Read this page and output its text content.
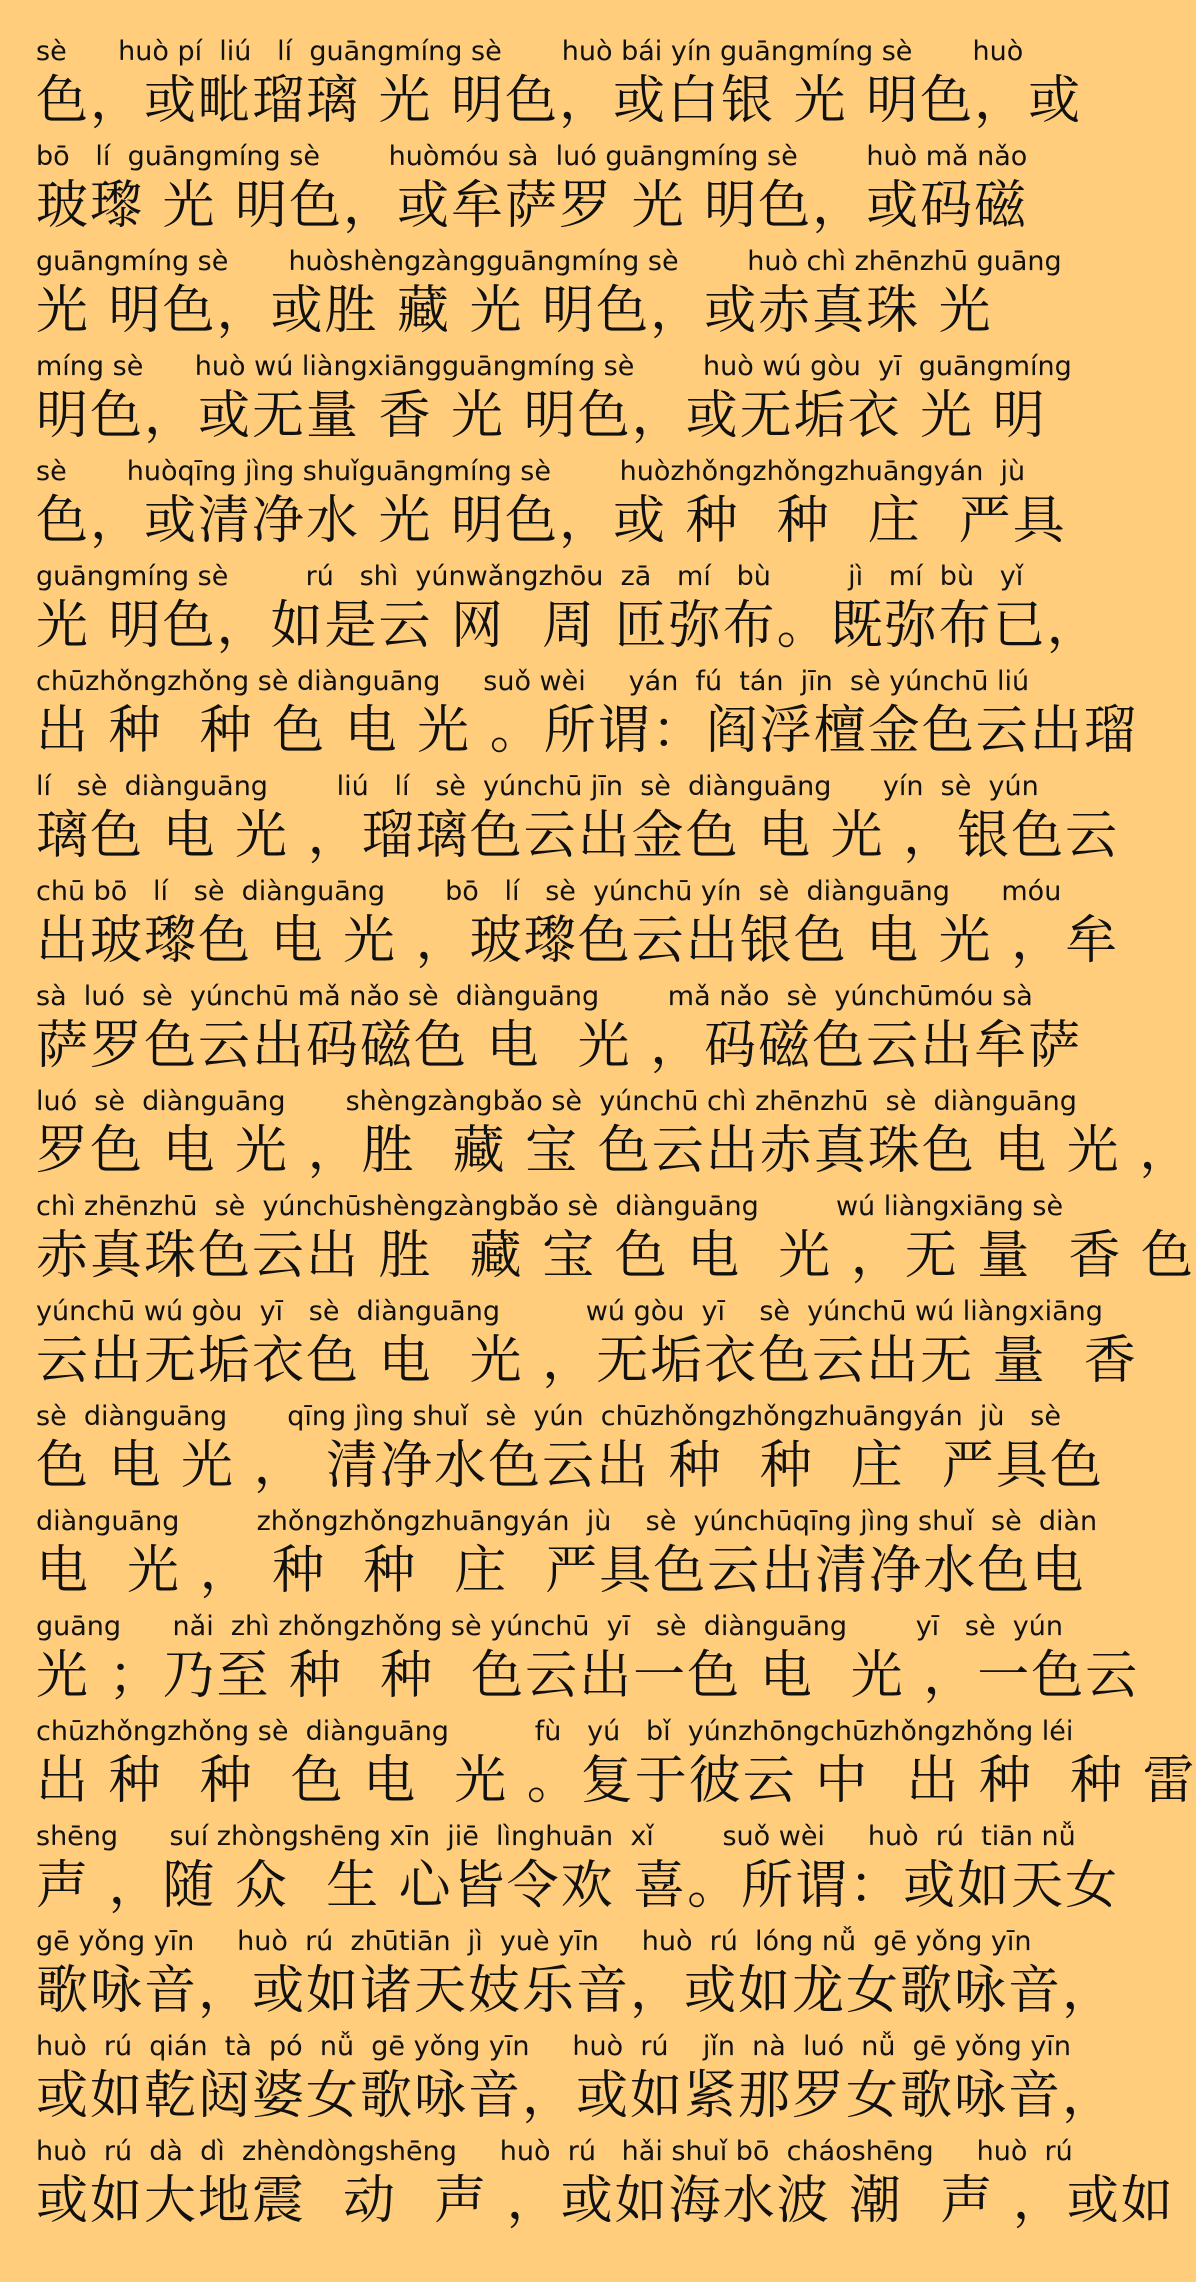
sè      huò pí  liú   lí  guāngmíng sè       huò bái yín guāngmíng sè       huò
色，或毗瑠璃 光 明色，或白银 光 明色，或
bō   lí  guāngmíng sè        huòmóu sà  luó guāngmíng sè        huò mǎ nǎo
玻瓈 光 明色，或牟萨罗 光 明色，或码磁
guāngmíng sè       huòshèngzàngguāngmíng sè        huò chì zhēnzhū guāng
光 明色，或胜 藏 光 明色，或赤真珠 光
míng sè      huò wú liàngxiāngguāngmíng sè        huò wú gòu  yī  guāngmíng
明色，或无量 香 光 明色，或无垢衣 光 明
sè       huòqīng jìng shuǐguāngmíng sè        huòzhǒngzhǒngzhuāngyán  jù
色，或清净水 光 明色，或 种  种  庄  严具
guāngmíng sè         rú   shì  yúnwǎngzhōu  zā   mí   bù         jì   mí  bù   yǐ
光 明色，如是云 网  周 匝弥布。既弥布已，
chūzhǒngzhǒng sè diànguāng     suǒ wèi     yán  fú  tán  jīn  sè yúnchū liú
出 种  种 色 电 光 。所谓：阎浮檀金色云出瑠
lí   sè  diànguāng        liú   lí   sè  yúnchū jīn  sè  diànguāng      yín  sè  yún
璃色 电 光 ，瑠璃色云出金色 电 光 ，银色云
chū bō   lí   sè  diànguāng       bō   lí   sè  yúnchū yín  sè  diànguāng      móu
出玻瓈色 电 光 ，玻瓈色云出银色 电 光 ，牟
sà  luó  sè  yúnchū mǎ nǎo sè  diànguāng        mǎ nǎo  sè  yúnchūmóu sà
萨罗色云出码磁色 电  光 ，码磁色云出牟萨
luó  sè  diànguāng       shèngzàngbǎo sè  yúnchū chì zhēnzhū  sè  diànguāng
罗色 电 光 ，胜  藏 宝 色云出赤真珠色 电 光 ，
chì zhēnzhū  sè  yúnchūshèngzàngbǎo sè  diànguāng         wú liàngxiāng sè
赤真珠色云出 胜  藏 宝 色 电  光 ，无 量  香 色
yúnchū wú gòu  yī   sè  diànguāng          wú gòu  yī    sè  yúnchū wú liàngxiāng
云出无垢衣色 电  光 ，无垢衣色云出无 量  香
sè  diànguāng       qīng jìng shuǐ  sè  yún  chūzhǒngzhǒngzhuāngyán  jù   sè
色 电 光 ， 清净水色云出 种  种  庄  严具色
diànguāng         zhǒngzhǒngzhuāngyán  jù    sè  yúnchūqīng jìng shuǐ  sè  diàn
电  光 ， 种  种  庄  严具色云出清净水色电
guāng      nǎi  zhì zhǒngzhǒng sè yúnchū  yī   sè  diànguāng        yī   sè  yún
光 ；乃至 种  种  色云出一色 电  光 ，一色云
chūzhǒngzhǒng sè  diànguāng          fù   yú   bǐ  yúnzhōngchūzhǒngzhǒng léi
出 种  种  色 电  光 。复于彼云 中  出 种  种 雷
shēng      suí zhòngshēng xīn  jiē  lìnghuān  xǐ        suǒ wèi     huò  rú  tiān nǚ
声 ，随 众  生 心皆令欢 喜。所谓：或如天女
gē yǒng yīn     huò  rú  zhūtiān  jì  yuè yīn     huò  rú  lóng nǚ  gē yǒng yīn
歌咏音，或如诸天妓乐音，或如龙女歌咏音，
huò  rú  qián  tà  pó  nǚ  gē yǒng yīn     huò  rú    jǐn  nà  luó  nǚ  gē yǒng yīn
或如乾闼婆女歌咏音，或如紧那罗女歌咏音，
huò  rú  dà  dì  zhèndòngshēng     huò  rú   hǎi shuǐ bō  cháoshēng     huò  rú
或如大地震  动  声 ，或如海水波 潮  声 ，或如
